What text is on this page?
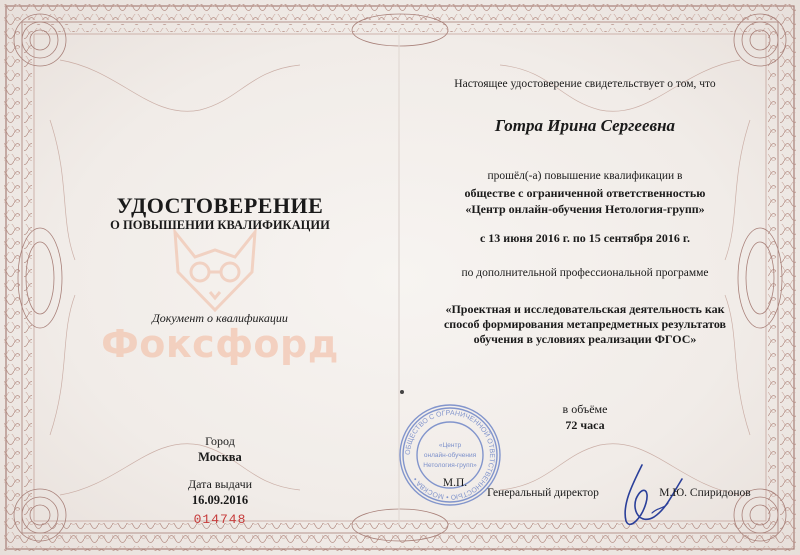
УДОСТОВЕРЕНИЕ
О ПОВЫШЕНИИ КВАЛИФИКАЦИИ
Документ о квалификации
Фоксфорд
Город
Москва
Дата выдачи
16.09.2016
014748
Настоящее удостоверение свидетельствует о том, что
Готра Ирина Сергеевна
прошёл(-а) повышение квалификации в
обществе с ограниченной ответственностью
«Центр онлайн-обучения Нетология-групп»
с 13 июня 2016 г. по 15 сентября 2016 г.
по дополнительной профессиональной программе
«Проектная и исследовательская деятельность как способ формирования метапредметных результатов обучения в условиях реализации ФГОС»
в объёме
72 часа
ОБЩЕСТВО С ОГРАНИЧЕННОЙ ОТВЕТСТВЕННОСТЬЮ • МОСКВА •
«Центр
онлайн-обучения
Нетология-групп»
М.П.
Генеральный директор	М.Ю. Спиридонов
